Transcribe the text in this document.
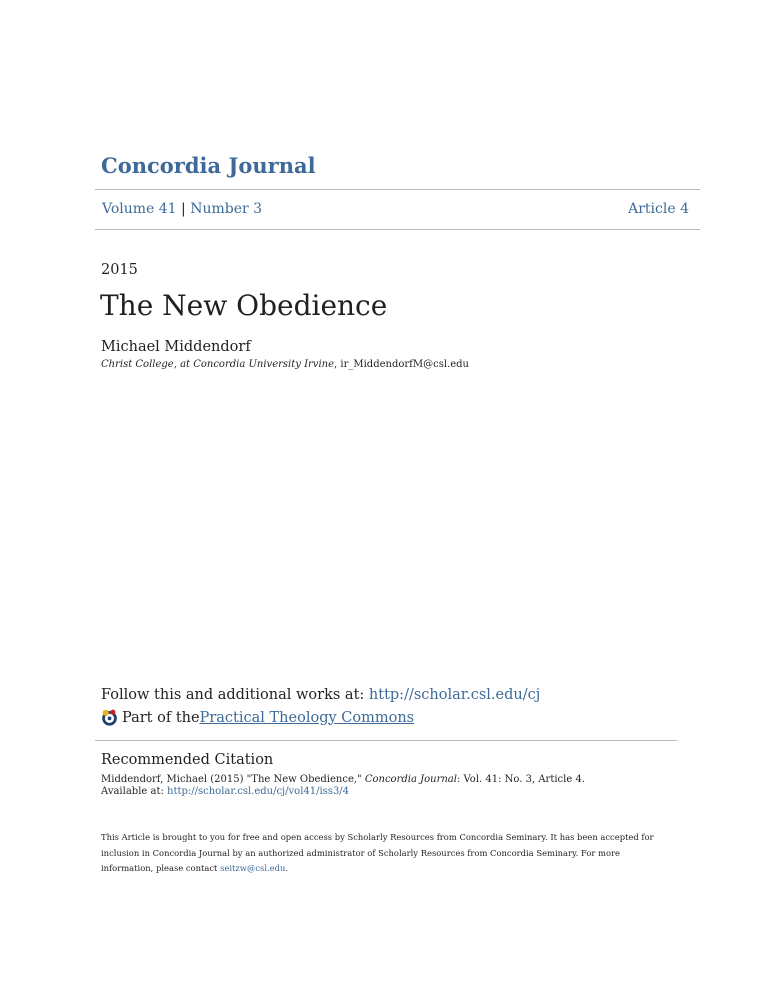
Concordia Journal
Volume 41 | Number 3	Article 4
2015
The New Obedience
Michael Middendorf
Christ College, at Concordia University Irvine, ir_MiddendorfM@csl.edu
Follow this and additional works at: http://scholar.csl.edu/cj
Part of the Practical Theology Commons
Recommended Citation
Middendorf, Michael (2015) "The New Obedience," Concordia Journal: Vol. 41: No. 3, Article 4.
Available at: http://scholar.csl.edu/cj/vol41/iss3/4
This Article is brought to you for free and open access by Scholarly Resources from Concordia Seminary. It has been accepted for inclusion in Concordia Journal by an authorized administrator of Scholarly Resources from Concordia Seminary. For more information, please contact seitzw@csl.edu.
